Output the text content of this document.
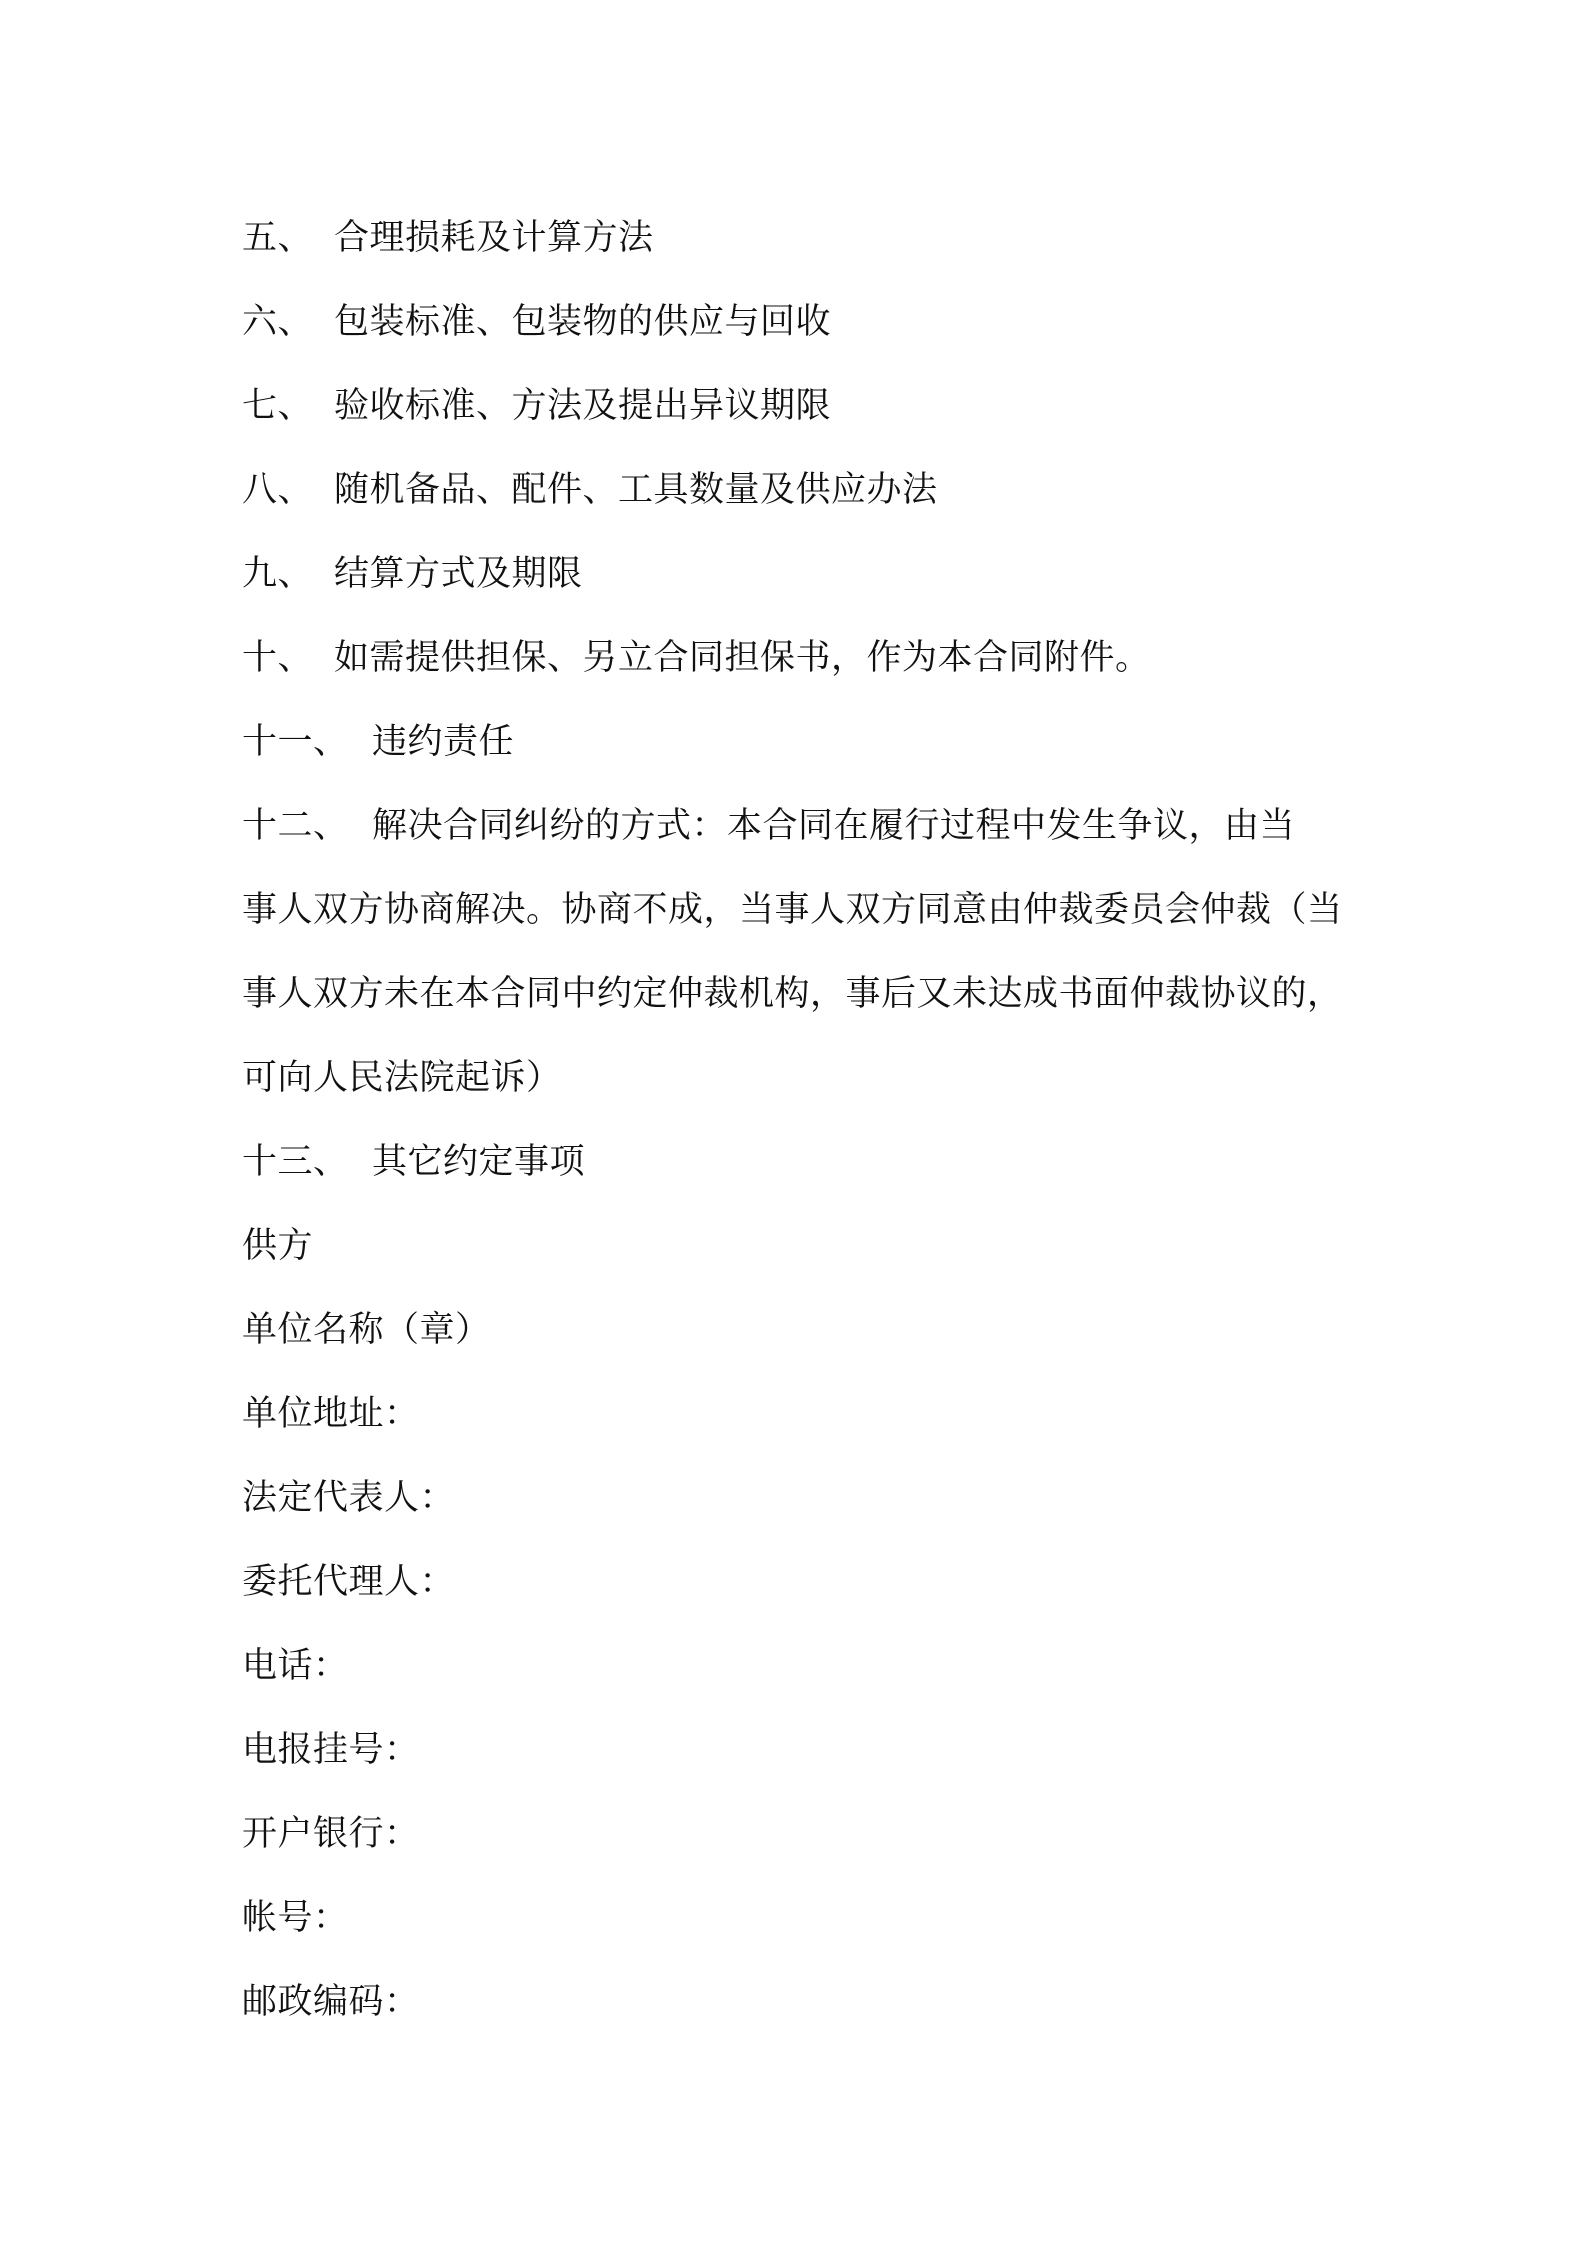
五、 合理损耗及计算方法
六、 包装标准、包装物的供应与回收
七、 验收标准、方法及提出异议期限
八、 随机备品、配件、工具数量及供应办法
九、 结算方式及期限
十、 如需提供担保、另立合同担保书，作为本合同附件。
十一、 违约责任
十二、 解决合同纠纷的方式：本合同在履行过程中发生争议，由当
事人双方协商解决。协商不成，当事人双方同意由仲裁委员会仲裁（当
事人双方未在本合同中约定仲裁机构，事后又未达成书面仲裁协议的，
可向人民法院起诉）
十三、 其它约定事项
供方
单位名称（章）
单位地址：
法定代表人：
委托代理人：
电话：
电报挂号：
开户银行：
帐号：
邮政编码：
